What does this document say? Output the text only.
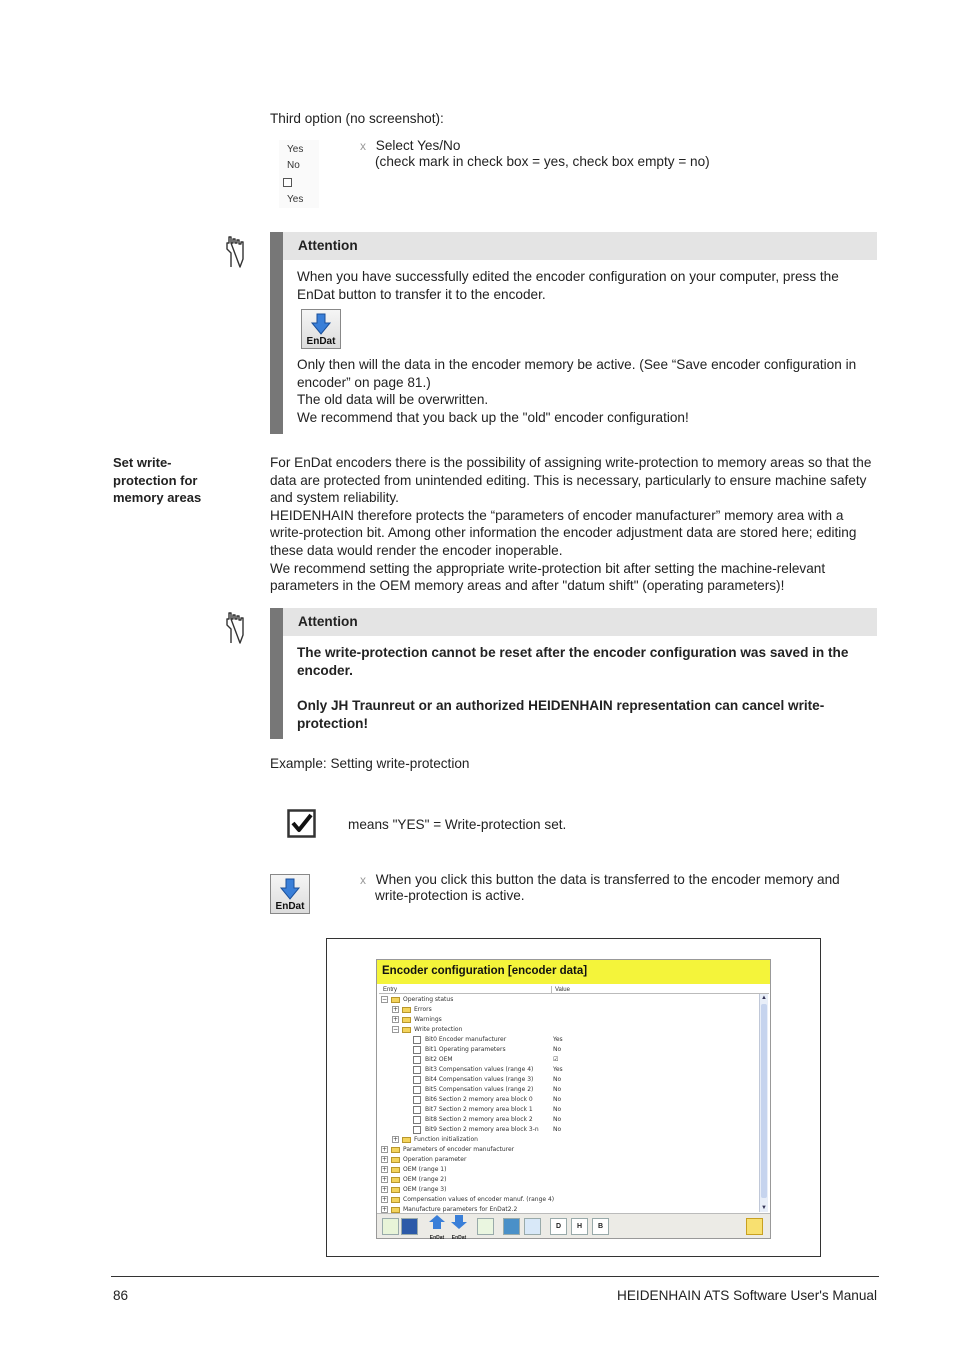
Third option (no screenshot):
Yes
No
Yes
x Select Yes/No
(check mark in check box = yes, check box empty = no)
Attention
When you have successfully edited the encoder configuration on your computer, press the EnDat button to transfer it to the encoder.
EnDat
Only then will the data in the encoder memory be active. (See “Save encoder configuration in encoder” on page 81.)
The old data will be overwritten.
We recommend that you back up the "old" encoder configuration!
Set write-
protection for
memory areas
For EnDat encoders there is the possibility of assigning write-protection to memory areas so that the data are protected from unintended editing. This is necessary, particularly to ensure machine safety and system reliability.
HEIDENHAIN therefore protects the “parameters of encoder manufacturer” memory area with a write-protection bit. Among other information the encoder adjustment data are stored here; editing these data would render the encoder inoperable.
We recommend setting the appropriate write-protection bit after setting the machine-relevant parameters in the OEM memory areas and after "datum shift" (operating parameters)!
Attention
The write-protection cannot be reset after the encoder configuration was saved in the encoder.
Only JH Traunreut or an authorized HEIDENHAIN representation can cancel write-protection!
Example: Setting write-protection
means "YES" = Write-protection set.
EnDat
x When you click this button the data is transferred to the encoder memory and
write-protection is active.
Encoder configuration [encoder data]
Entry	Value
−	Operating status
+	Errors
+	Warnings
−	Write protection
Bit0 Encoder manufacturer	Yes
Bit1 Operating parameters	No
Bit2 OEM	☑
Bit3 Compensation values (range 4)	Yes
Bit4 Compensation values (range 3)	No
Bit5 Compensation values (range 2)	No
Bit6 Section 2 memory area block 0	No
Bit7 Section 2 memory area block 1	No
Bit8 Section 2 memory area block 2	No
Bit9 Section 2 memory area block 3-n No
+	Function initialization
+	Parameters of encoder manufacturer
+	Operation parameter
+	OEM (range 1)
+	OEM (range 2)
+	OEM (range 3)
+	Compensation values of encoder manuf. (range 4)
+	Manufacture parameters for EnDat2.2
▲
▼
EnDat	EnDat
D	H	B
86	HEIDENHAIN ATS Software User's Manual
